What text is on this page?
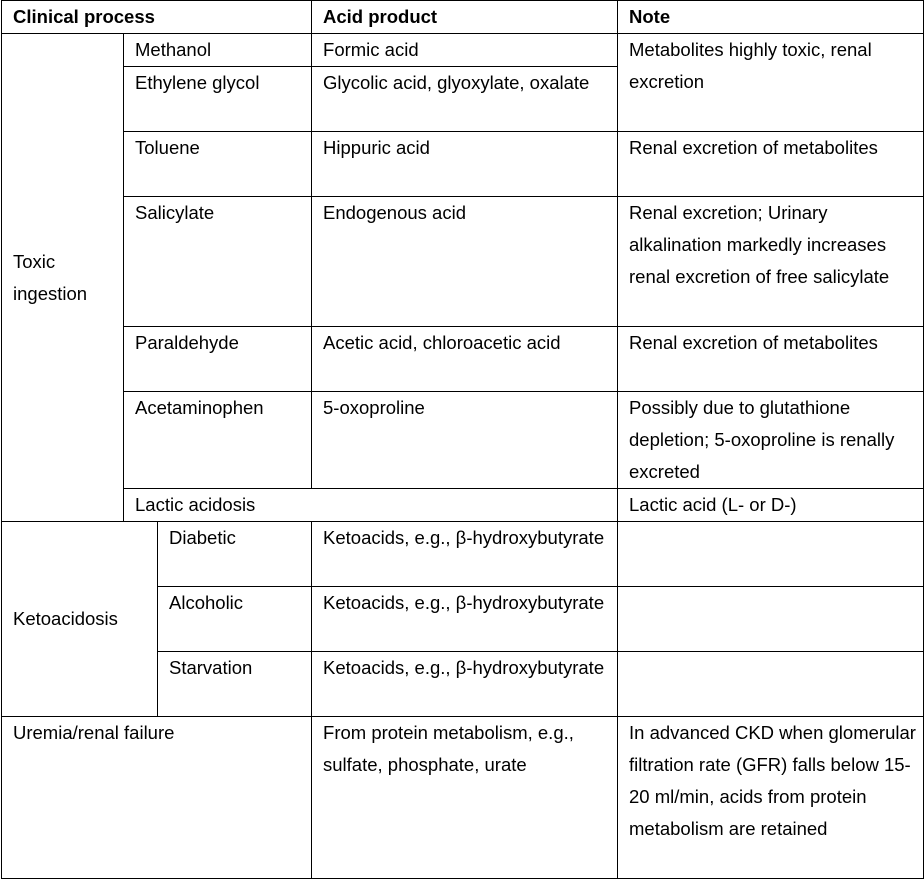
Clinical process			Acid product	Note	
Toxic ingestion	Methanol		Formic acid	Metabolites highly toxic, renal excretion	
	Ethylene glycol		Glycolic acid, glyoxylate, oxalate		
	Toluene		Hippuric acid	Renal excretion of metabolites	
	Salicylate		Endogenous acid	Renal excretion; Urinary alkalination markedly increases renal excretion of free salicylate	
	Paraldehyde		Acetic acid, chloroacetic acid	Renal excretion of metabolites	
	Acetaminophen		5-oxoproline	Possibly due to glutathione depletion; 5-oxoproline is renally excreted	
	Lactic acidosis			Lactic acid (L- or D-)	
Ketoacidosis		Diabetic	Ketoacids, e.g., β-hydroxybutyrate		
		Alcoholic	Ketoacids, e.g., β-hydroxybutyrate		
		Starvation	Ketoacids, e.g., β-hydroxybutyrate		
Uremia/renal failure			From protein metabolism, e.g., sulfate, phosphate, urate	In advanced CKD when glomerular filtration rate (GFR) falls below 15-20 ml/min, acids from protein metabolism are retained	
